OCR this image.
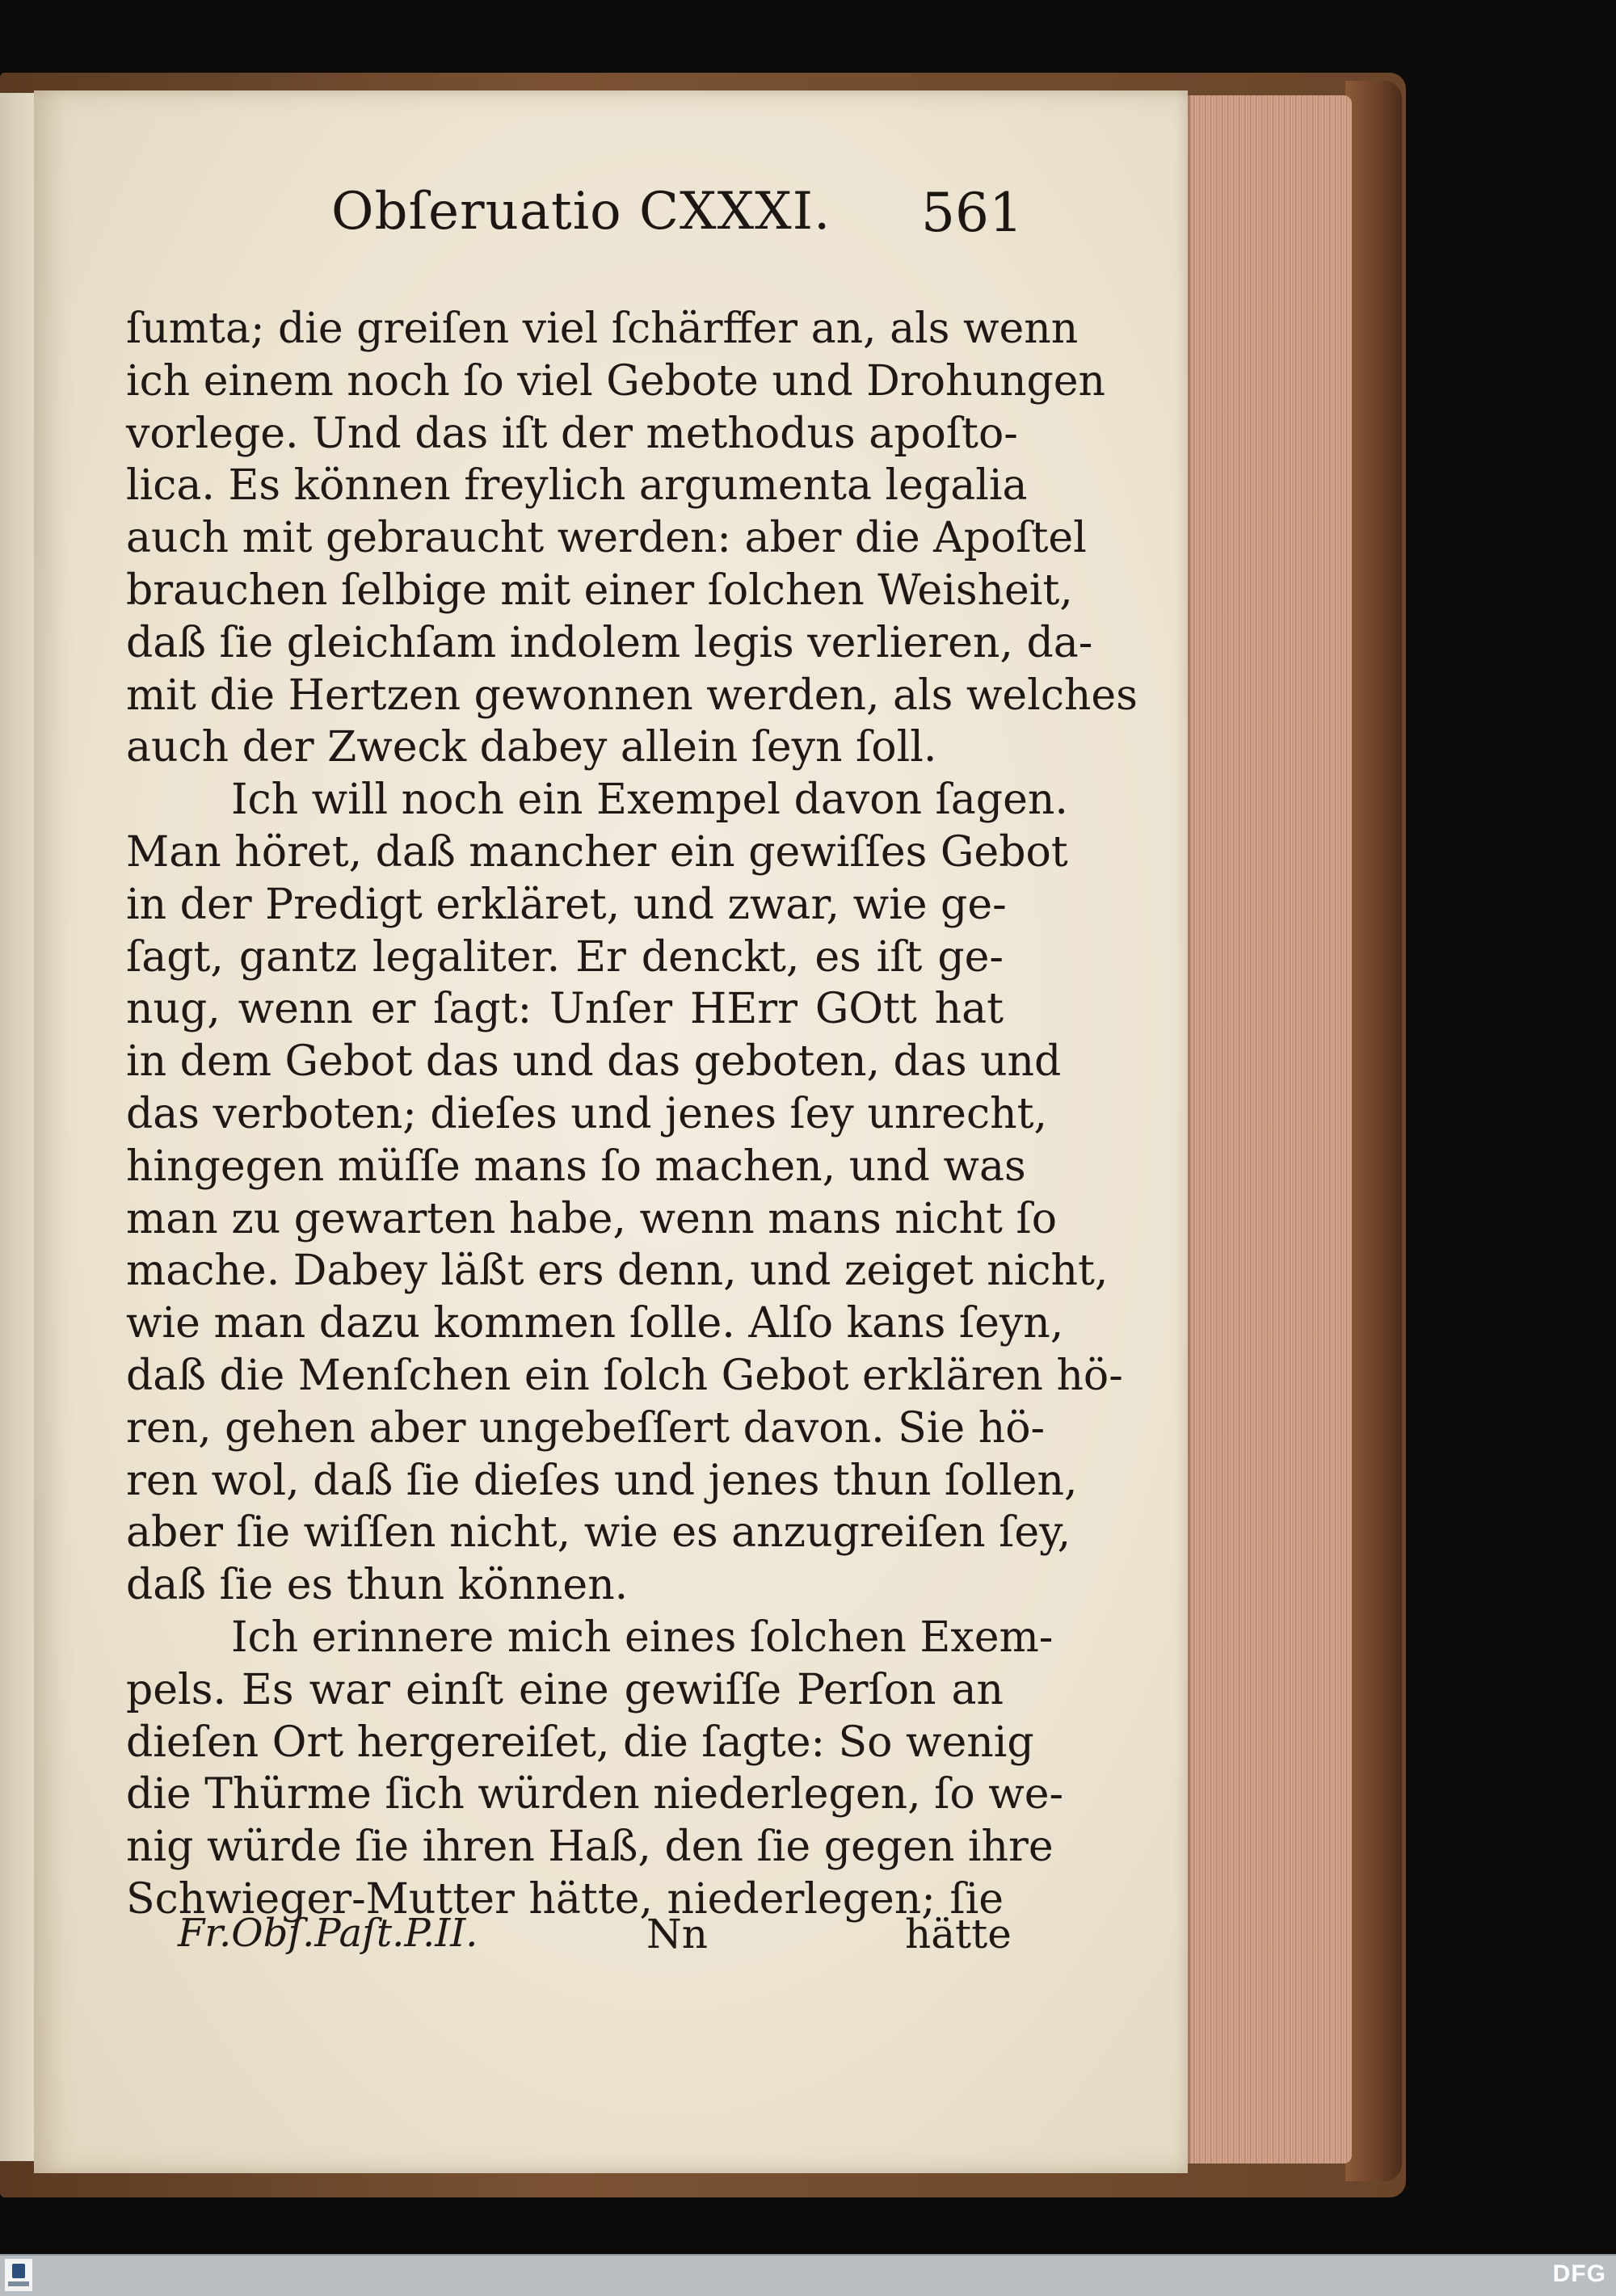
Obſeruatio CXXXI. 561
ſumta; die greiſen viel ſchärffer an, als wenn
ich einem noch ſo viel Gebote und Drohungen
vorlege. Und das iſt der methodus apoſto-
lica. Es können freylich argumenta legalia
auch mit gebraucht werden: aber die Apoſtel
brauchen ſelbige mit einer ſolchen Weisheit,
daß ſie gleichſam indolem legis verlieren, da-
mit die Hertzen gewonnen werden, als welches
auch der Zweck dabey allein ſeyn ſoll.
Ich will noch ein Exempel davon ſagen.
Man höret, daß mancher ein gewiſſes Gebot
in der Predigt erkläret, und zwar, wie ge-
ſagt, gantz legaliter. Er denckt, es iſt ge-
nug, wenn er ſagt: Unſer HErr GOtt hat
in dem Gebot das und das geboten, das und
das verboten; dieſes und jenes ſey unrecht,
hingegen müſſe mans ſo machen, und was
man zu gewarten habe, wenn mans nicht ſo
mache. Dabey läßt ers denn, und zeiget nicht,
wie man dazu kommen ſolle. Alſo kans ſeyn,
daß die Menſchen ein ſolch Gebot erklären hö-
ren, gehen aber ungebeſſert davon. Sie hö-
ren wol, daß ſie dieſes und jenes thun ſollen,
aber ſie wiſſen nicht, wie es anzugreiſen ſey,
daß ſie es thun können.
Ich erinnere mich eines ſolchen Exem-
pels. Es war einſt eine gewiſſe Perſon an
dieſen Ort hergereiſet, die ſagte: So wenig
die Thürme ſich würden niederlegen, ſo we-
nig würde ſie ihren Haß, den ſie gegen ihre
Schwieger-Mutter hätte, niederlegen; ſie
Fr.Obſ.Paſt.P.II.	Nn	hätte
DFG
